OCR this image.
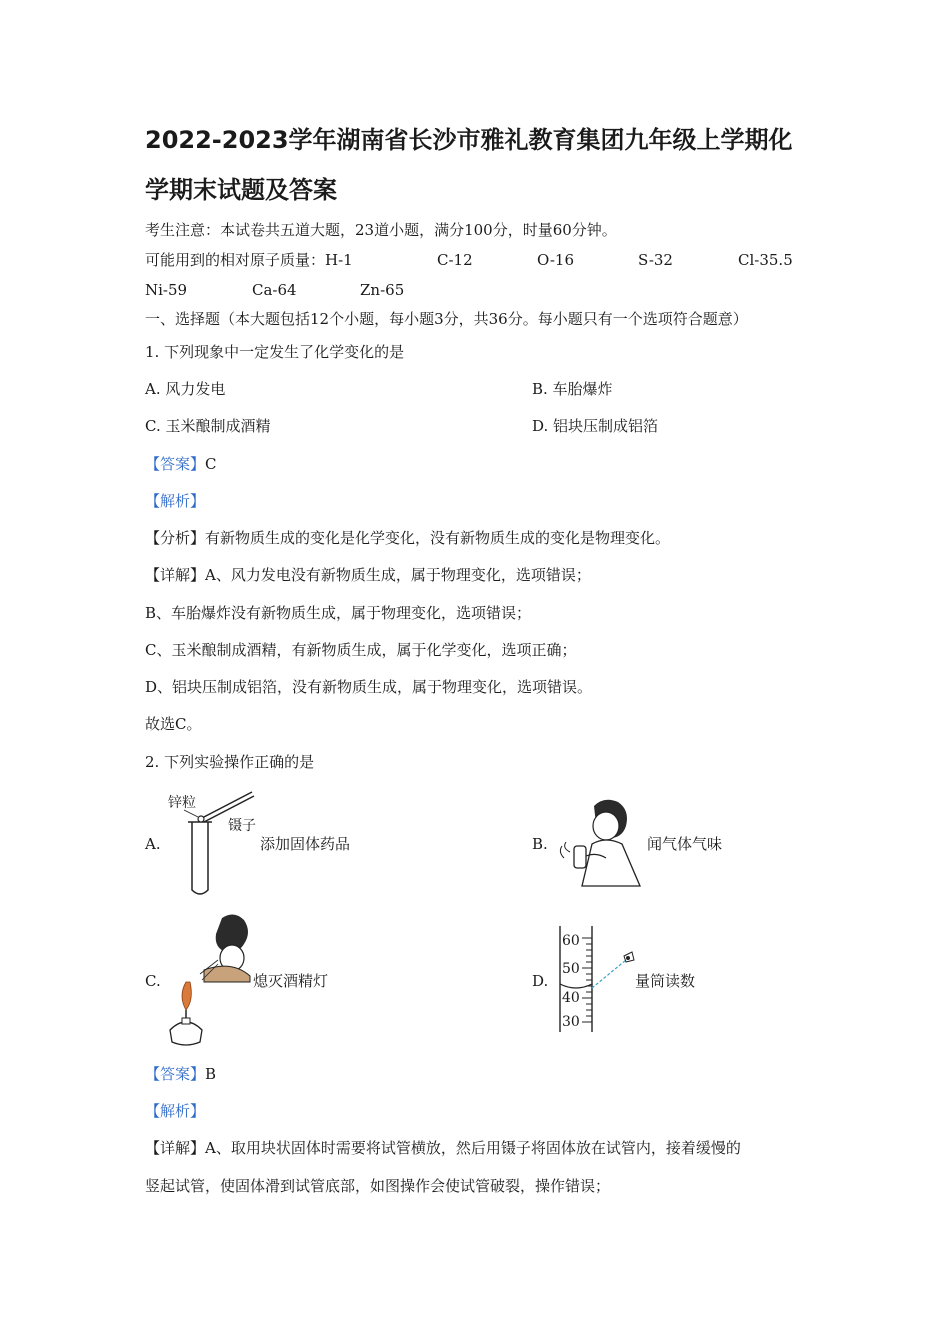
2022-2023学年湖南省长沙市雅礼教育集团九年级上学期化
学期末试题及答案
考生注意：本试卷共五道大题，23道小题，满分100分，时量60分钟。
可能用到的相对原子质量：H-1	C-12	O-16	S-32	Cl-35.5
Ni-59	Ca-64	Zn-65
一、选择题（本大题包括12个小题，每小题3分，共36分。每小题只有一个选项符合题意）
1. 下列现象中一定发生了化学变化的是
A. 风力发电	B. 车胎爆炸
C. 玉米酿制成酒精	D. 铝块压制成铝箔
【答案】C
【解析】
【分析】有新物质生成的变化是化学变化，没有新物质生成的变化是物理变化。
【详解】A、风力发电没有新物质生成，属于物理变化，选项错误；
B、车胎爆炸没有新物质生成，属于物理变化，选项错误；
C、玉米酿制成酒精，有新物质生成，属于化学变化，选项正确；
D、铝块压制成铝箔，没有新物质生成，属于物理变化，选项错误。
故选C。
2. 下列实验操作正确的是
A.
锌粒
镊子
添加固体药品	B.	闻气体气味
C.	熄灭酒精灯	D.
60
50
40
30
量筒读数
【答案】B
【解析】
【详解】A、取用块状固体时需要将试管横放，然后用镊子将固体放在试管内，接着缓慢的
竖起试管，使固体滑到试管底部，如图操作会使试管破裂，操作错误；
